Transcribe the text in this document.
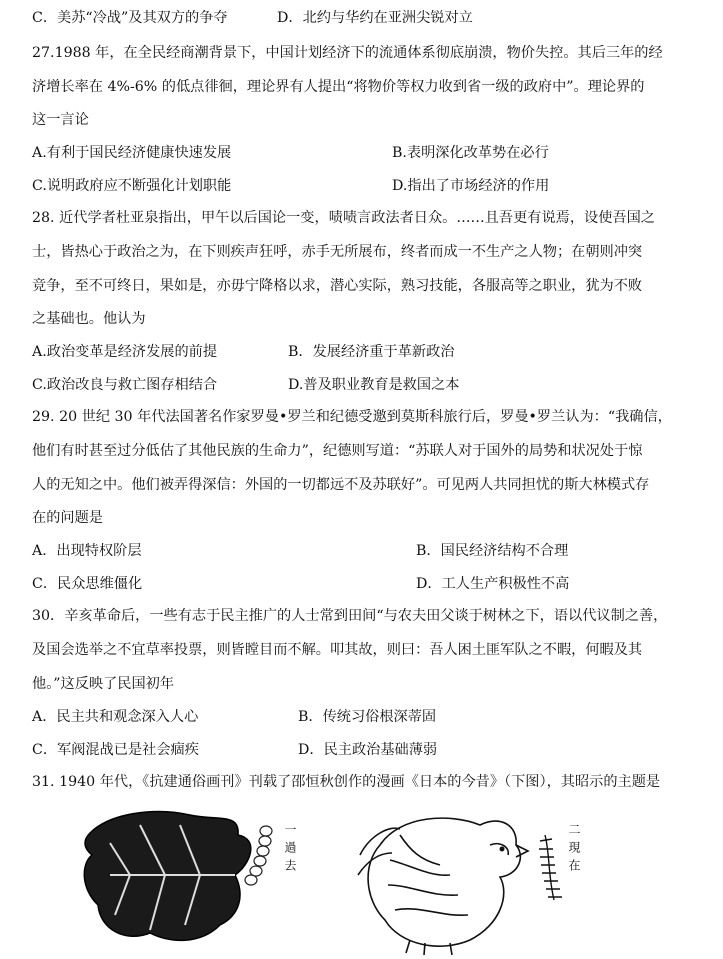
C．美苏“冷战”及其双方的争夺	D．北约与华约在亚洲尖锐对立
27.1988 年，在全民经商潮背景下，中国计划经济下的流通体系彻底崩溃，物价失控。其后三年的经
济增长率在 4%-6% 的低点徘徊，理论界有人提出“将物价等权力收到省一级的政府中”。理论界的
这一言论
A.有利于国民经济健康快速发展	B.表明深化改革势在必行
C.说明政府应不断强化计划职能	D.指出了市场经济的作用
28. 近代学者杜亚泉指出，甲午以后国论一变，啧啧言政法者日众。……且吾更有说焉，设使吾国之
士，皆热心于政治之为，在下则疾声狂呼，赤手无所展布，终者而成一不生产之人物；在朝则冲突
竞争，至不可终日，果如是，亦毋宁降格以求，潜心实际，熟习技能，各服高等之职业，犹为不败
之基础也。他认为
A.政治变革是经济发展的前提	B．发展经济重于革新政治
C.政治改良与救亡图存相结合	D.普及职业教育是救国之本
29. 20 世纪 30 年代法国著名作家罗曼•罗兰和纪德受邀到莫斯科旅行后，罗曼•罗兰认为：“我确信，
他们有时甚至过分低估了其他民族的生命力”，纪德则写道：“苏联人对于国外的局势和状况处于惊
人的无知之中。他们被弄得深信：外国的一切都远不及苏联好”。可见两人共同担忧的斯大林模式存
在的问题是
A．出现特权阶层	B．国民经济结构不合理
C．民众思维僵化	D．工人生产积极性不高
30．辛亥革命后，一些有志于民主推广的人士常到田间“与农夫田父谈于树林之下，语以代议制之善，
及国会选举之不宜草率投票，则皆瞠目而不解。叩其故，则曰：吾人困土匪军队之不暇，何暇及其
他。”这反映了民国初年
A．民主共和观念深入人心	B．传统习俗根深蒂固
C．军阀混战已是社会痼疾	D．民主政治基础薄弱
31. 1940 年代，《抗建通俗画刊》刊载了邵恒秋创作的漫画《日本的今昔》（下图），其昭示的主题是
一過去	二現在
